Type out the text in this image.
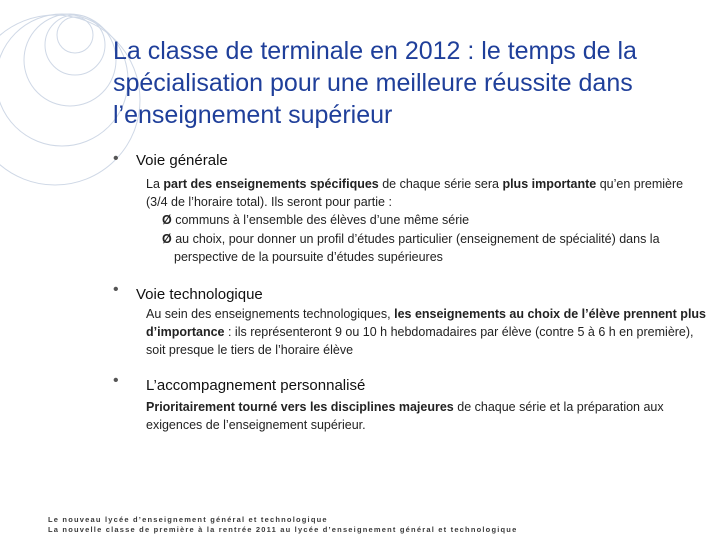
La classe de terminale en 2012 : le temps de la spécialisation pour une meilleure réussite dans l’enseignement supérieur
• Voie générale
La part des enseignements spécifiques de chaque série sera plus importante qu’en première (3/4 de l’horaire total). Ils seront pour partie :
Ø communs à l’ensemble des élèves d’une même série
Ø au choix, pour donner un profil d’études particulier (enseignement de spécialité) dans la perspective de la poursuite d’études supérieures
• Voie technologique
Au sein des enseignements technologiques, les enseignements au choix de l’élève prennent plus d’importance : ils représenteront 9 ou 10 h hebdomadaires par élève (contre 5 à 6 h en première), soit presque le tiers de l’horaire élève
• L’accompagnement personnalisé
Prioritairement tourné vers les disciplines majeures de chaque série et la préparation aux exigences de l’enseignement supérieur.
Le nouveau lycée d’enseignement général et technologique
La nouvelle classe de première à la rentrée 2011 au lycée d’enseignement général et technologique
